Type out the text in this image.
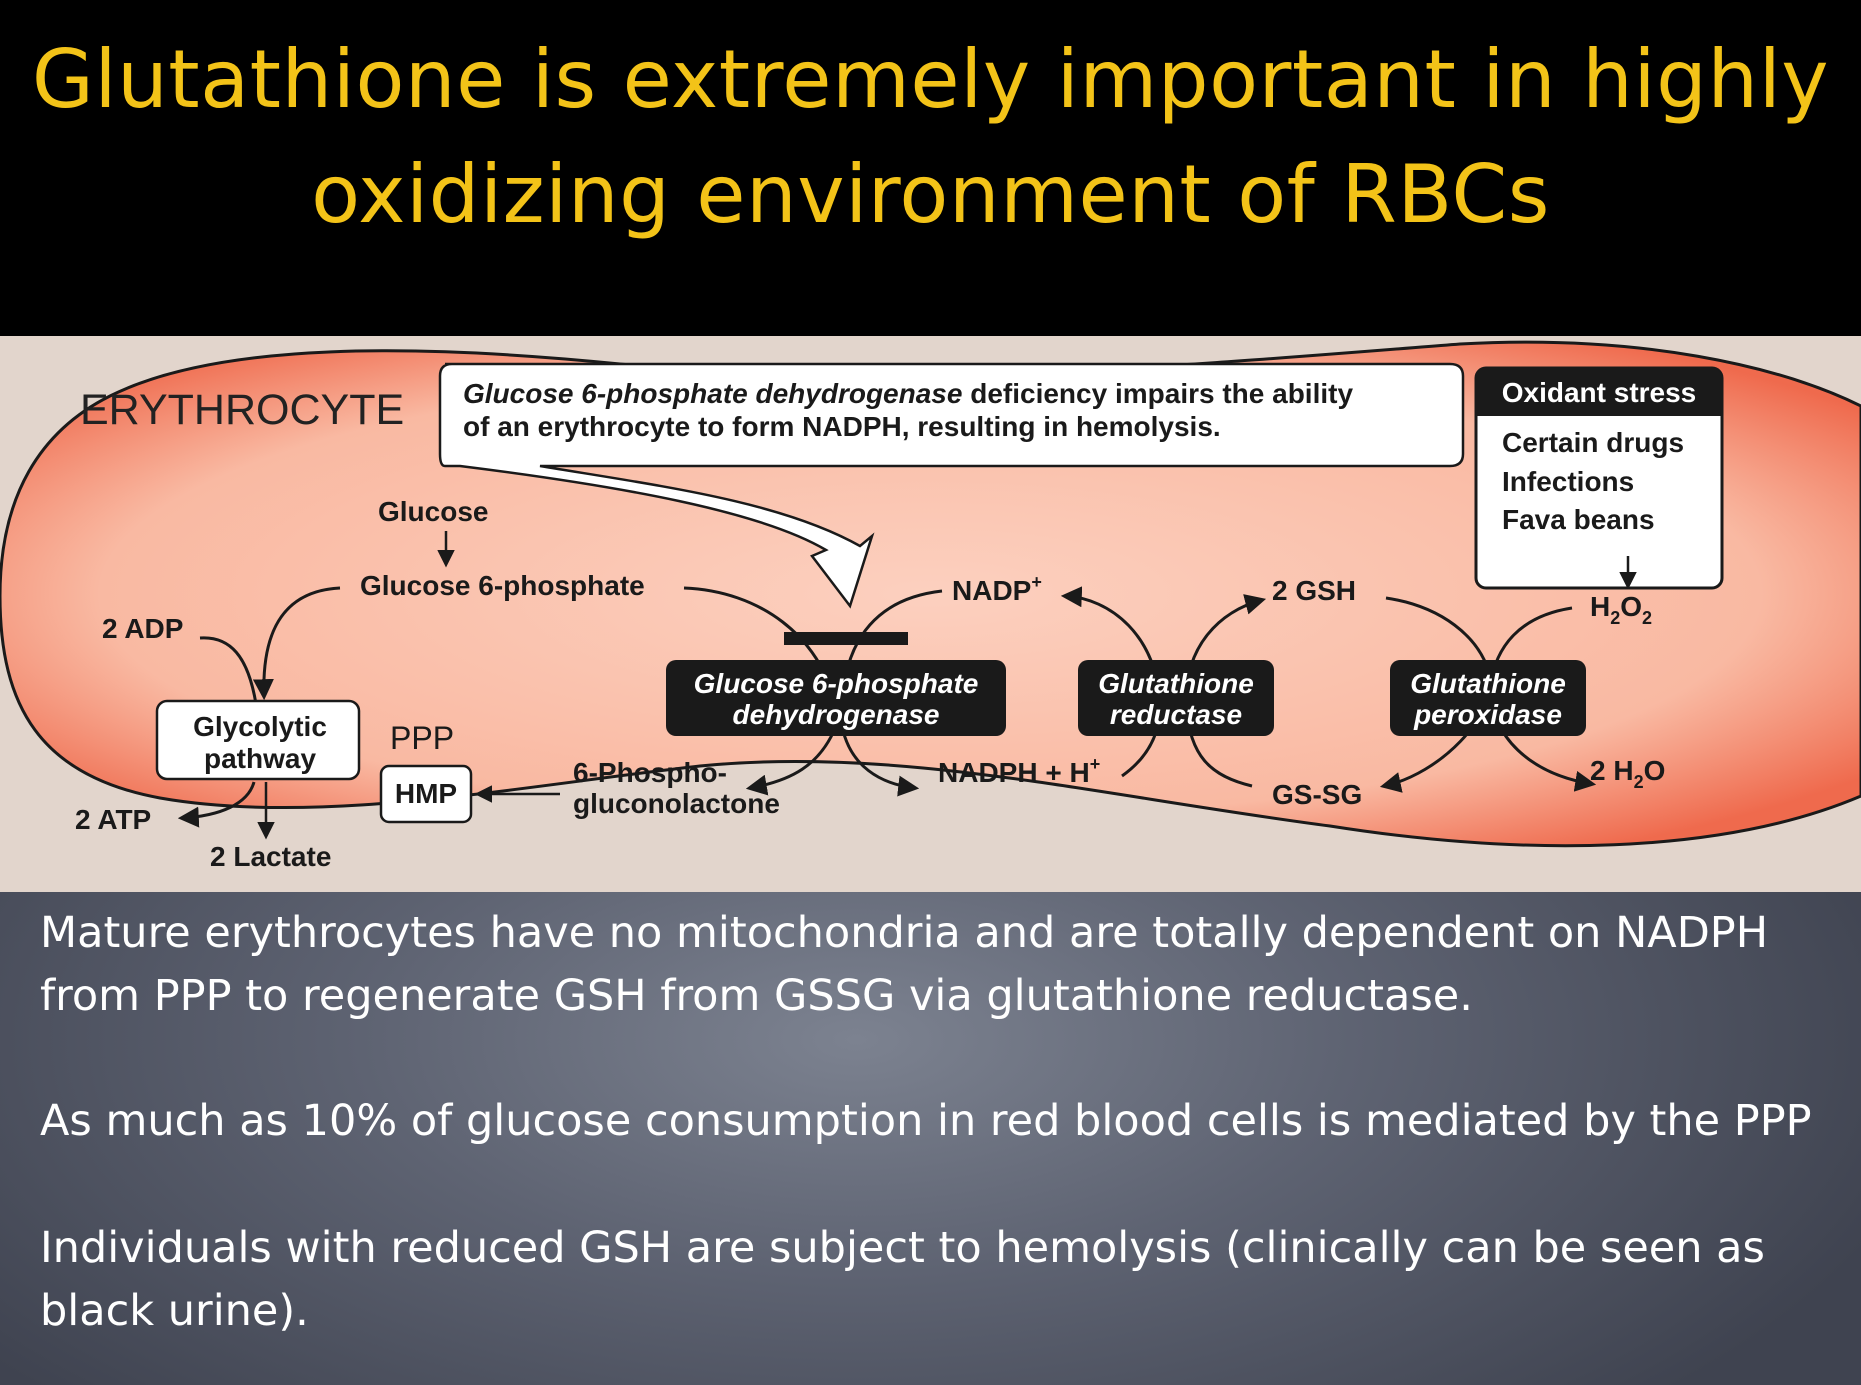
Glutathione is extremely important in highly
oxidizing environment of RBCs
ERYTHROCYTE Glucose 6-phosphate dehydrogenase deficiency impairs the ability
of an erythrocyte to form NADPH, resulting in hemolysis.
Oxidant stress
Certain drugs
Infections
Fava beans
Glucose
Glucose 6-phosphate
2 ADP
Glycolytic
pathway
2 ATP
2 Lactate
PPP
HMP
6-Phospho-
gluconolactone
Glucose 6-phosphate
dehydrogenase
NADP+
NADPH + H+
Glutathione
reductase
2 GSH
GS-SG
Glutathione
peroxidase
$H_2O_2$
2 $H_2O$
Mature erythrocytes have no mitochondria and are totally dependent on NADPH
from PPP to regenerate GSH from GSSG via glutathione reductase.
As much as 10% of glucose consumption in red blood cells is mediated by the PPP
Individuals with reduced GSH are subject to hemolysis (clinically can be seen as
black urine).
